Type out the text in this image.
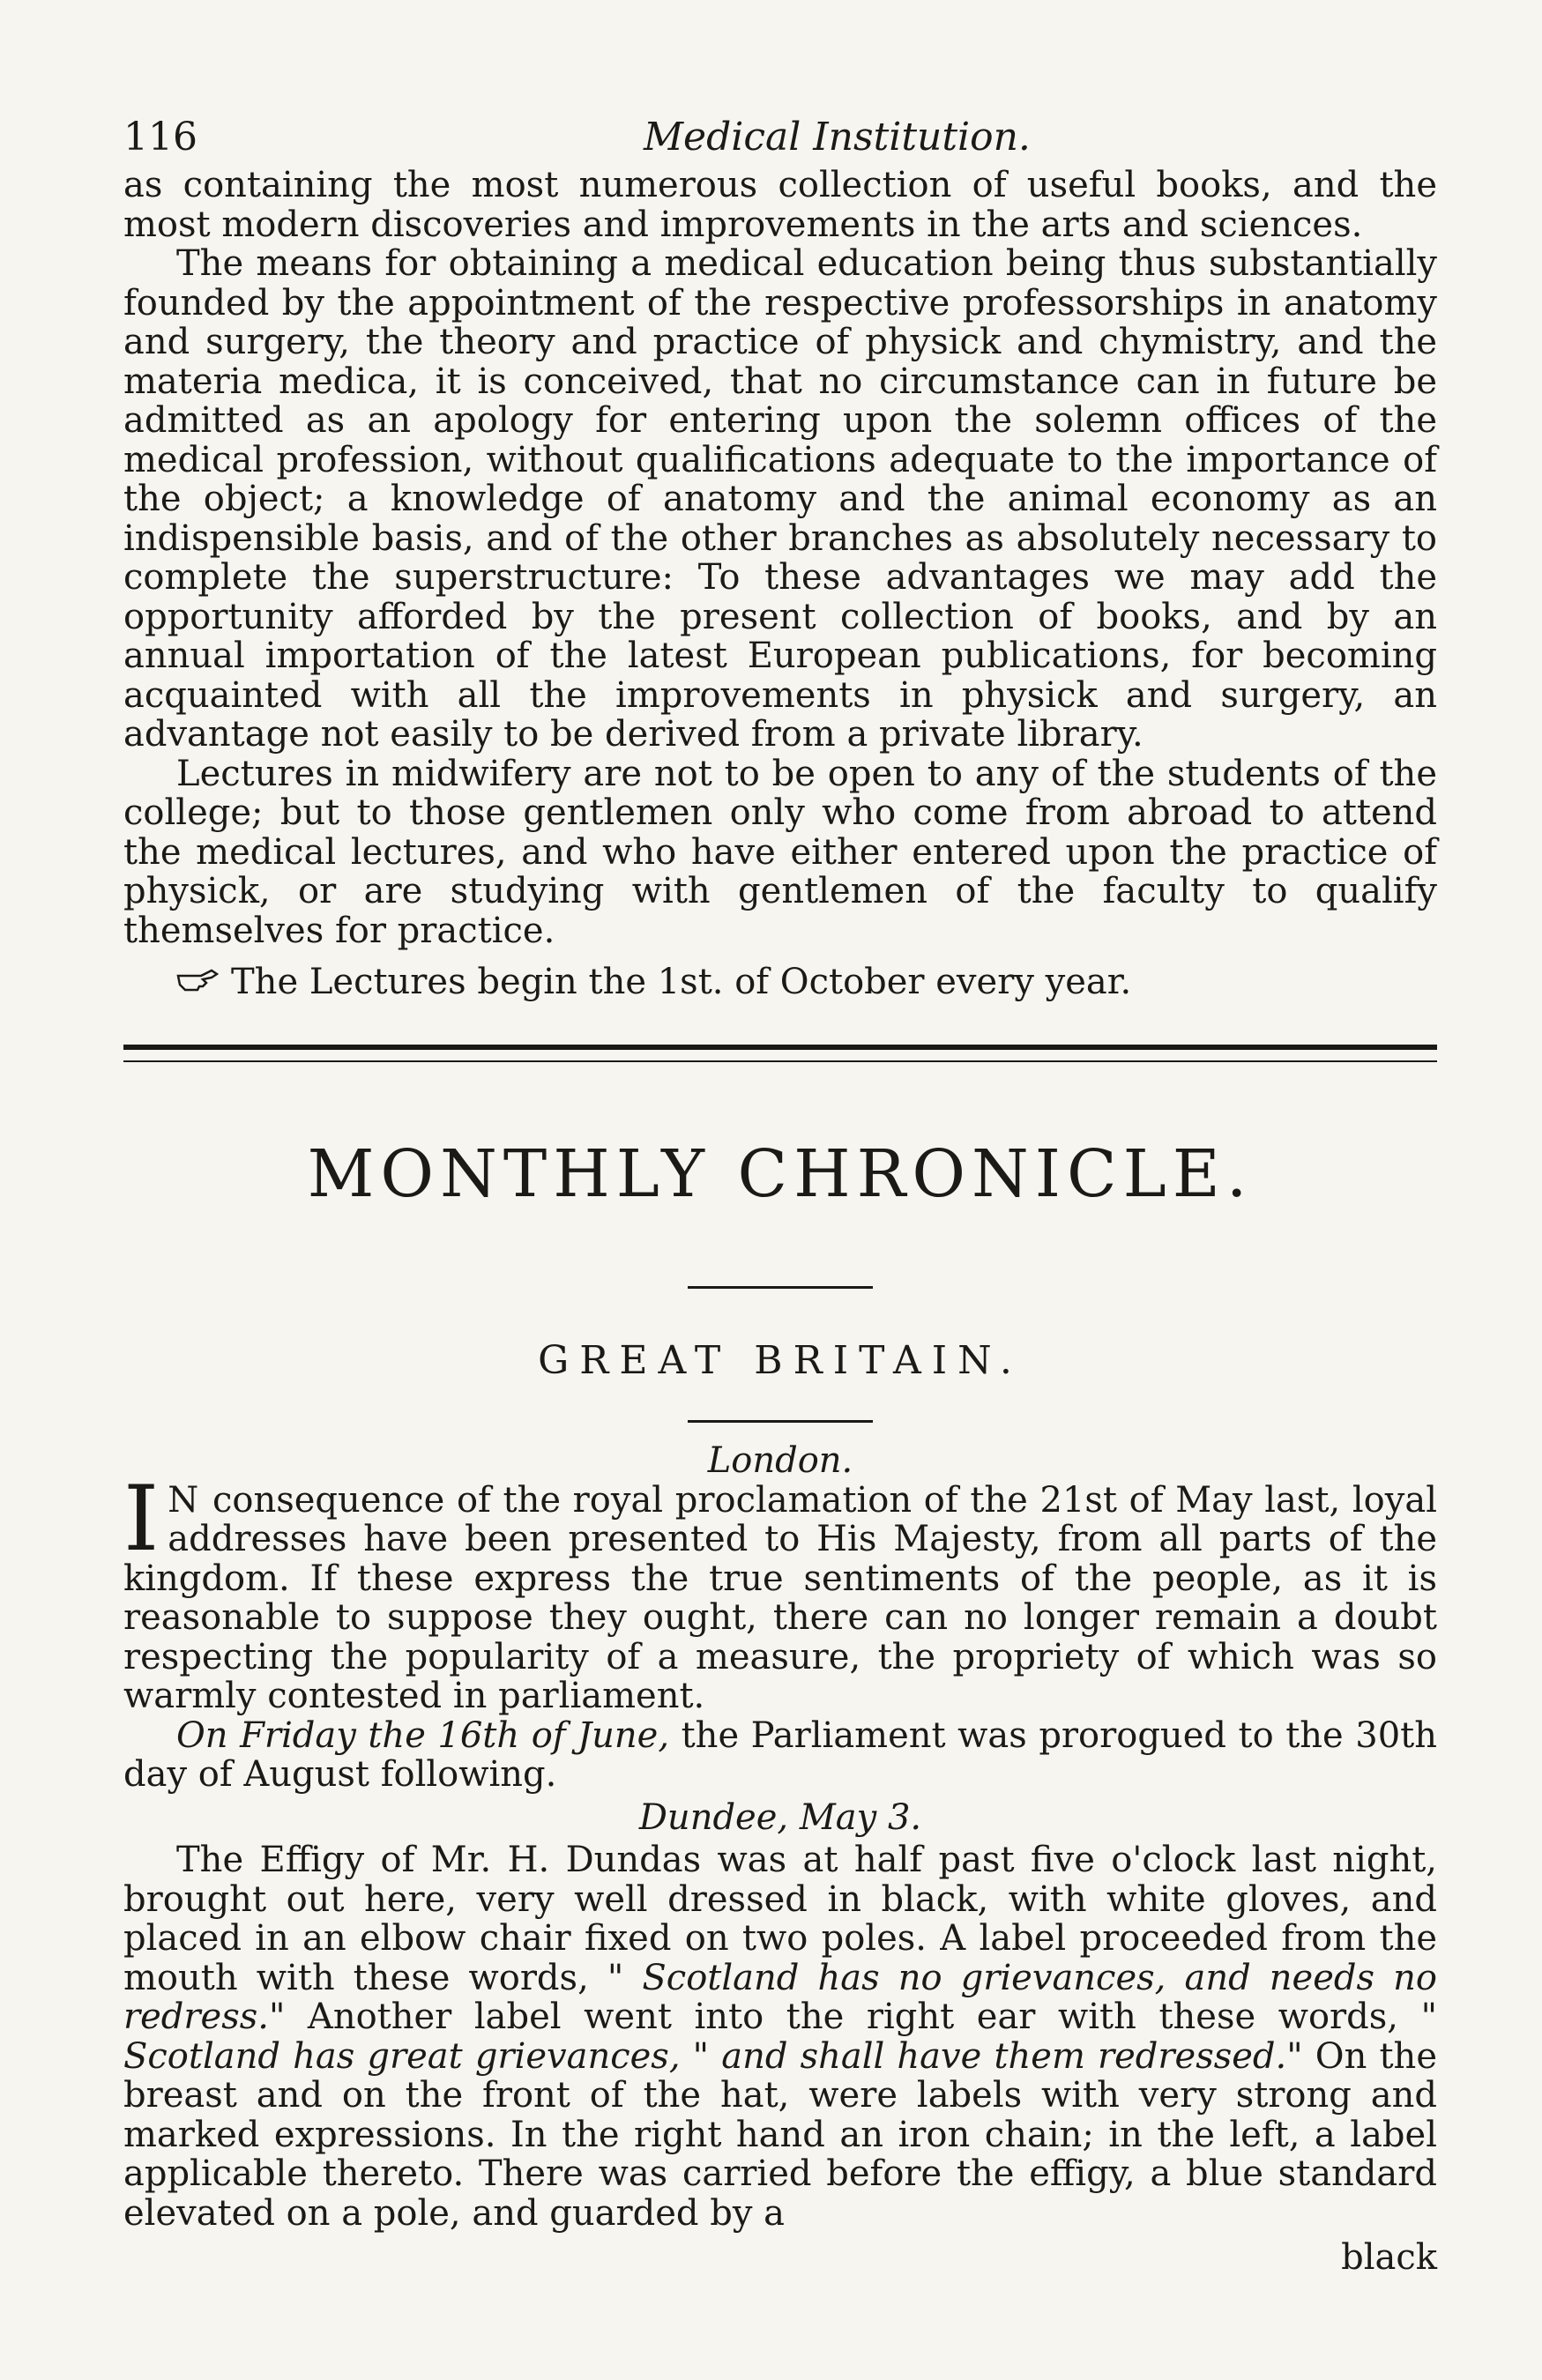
116	Medical Institution.

as containing the most numerous collection of useful books, and the most modern discoveries and improvements in the arts and sciences.

The means for obtaining a medical education being thus substantially founded by the appointment of the respective professorships in anatomy and surgery, the theory and practice of physick and chymistry, and the materia medica, it is conceived, that no circumstance can in future be admitted as an apology for entering upon the solemn offices of the medical profession, without qualifications adequate to the importance of the object; a knowledge of anatomy and the animal economy as an indispensible basis, and of the other branches as absolutely necessary to complete the superstructure: To these advantages we may add the opportunity afforded by the present collection of books, and by an annual importation of the latest European publications, for becoming acquainted with all the improvements in physick and surgery, an advantage not easily to be derived from a private library.

Lectures in midwifery are not to be open to any of the students of the college; but to those gentlemen only who come from abroad to attend the medical lectures, and who have either entered upon the practice of physick, or are studying with gentlemen of the faculty to qualify themselves for practice.

The Lectures begin the 1st. of October every year.
MONTHLY CHRONICLE.
GREAT BRITAIN.
London.

I N consequence of the royal proclamation of the 21st of May last, loyal addresses have been presented to His Majesty, from all parts of the kingdom. If these express the true sentiments of the people, as it is reasonable to suppose they ought, there can no longer remain a doubt respecting the popularity of a measure, the propriety of which was so warmly contested in parliament.

On Friday the 16th of June, the Parliament was prorogued to the 30th day of August following.

Dundee, May 3.

The Effigy of Mr. H. Dundas was at half past five o'clock last night, brought out here, very well dressed in black, with white gloves, and placed in an elbow chair fixed on two poles. A label proceeded from the mouth with these words, " Scotland has no grievances, and needs no redress." Another label went into the right ear with these words, " Scotland has great grievances, " and shall have them redressed." On the breast and on the front of the hat, were labels with very strong and marked expressions. In the right hand an iron chain; in the left, a label applicable thereto. There was carried before the effigy, a blue standard elevated on a pole, and guarded by a

black
